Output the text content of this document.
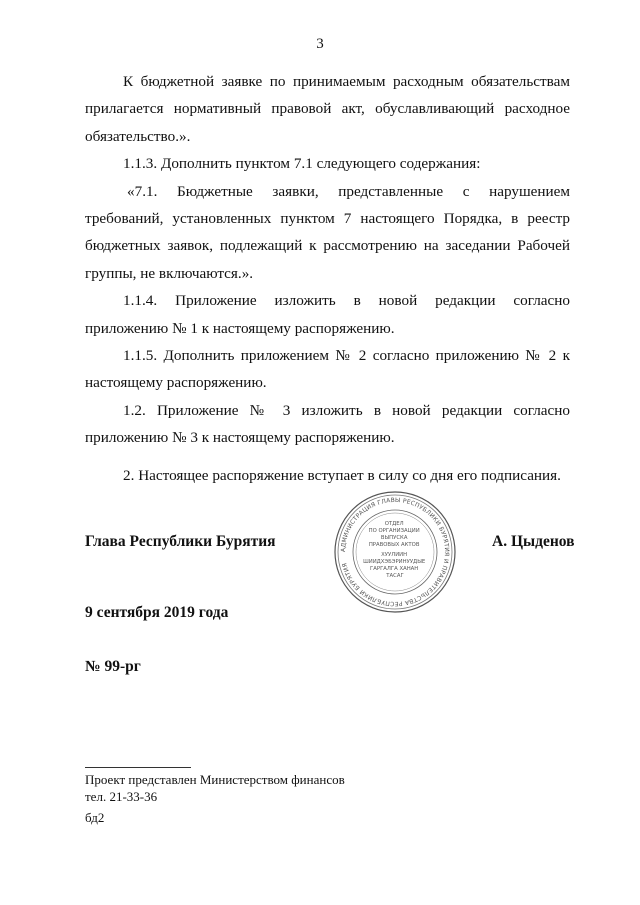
3

К бюджетной заявке по принимаемым расходным обязательствам прилагается нормативный правовой акт, обуславливающий расходное обязательство.».

1.1.3. Дополнить пунктом 7.1 следующего содержания:

«7.1. Бюджетные заявки, представленные с нарушением требований, установленных пунктом 7 настоящего Порядка, в реестр бюджетных заявок, подлежащий к рассмотрению на заседании Рабочей группы, не включаются.».

1.1.4. Приложение изложить в новой редакции согласно приложению № 1 к настоящему распоряжению.

1.1.5. Дополнить приложением № 2 согласно приложению № 2 к настоящему распоряжению.

1.2. Приложение № 3 изложить в новой редакции согласно приложению № 3 к настоящему распоряжению.

2. Настоящее распоряжение вступает в силу со дня его подписания.

Глава Республики Бурятия	А. Цыденов
9 сентября 2019 года
№ 99-рг
АДМИНИСТРАЦИЯ ГЛАВЫ РЕСПУБЛИКИ БУРЯТИЯ И ПРАВИТЕЛЬСТВА РЕСПУБЛИКИ БУРЯТИЯ
ОТДЕЛ ПО ОРГАНИЗАЦИИ ВЫПУСКА ПРАВОВЫХ АКТОВ ХУУЛИИН ШИИДХЭБЭРИНУУДЫЕ ГАРГАЛГА ХАНАН ТАСАГ
Проект представлен Министерством финансов
тел. 21-33-36
бд2
